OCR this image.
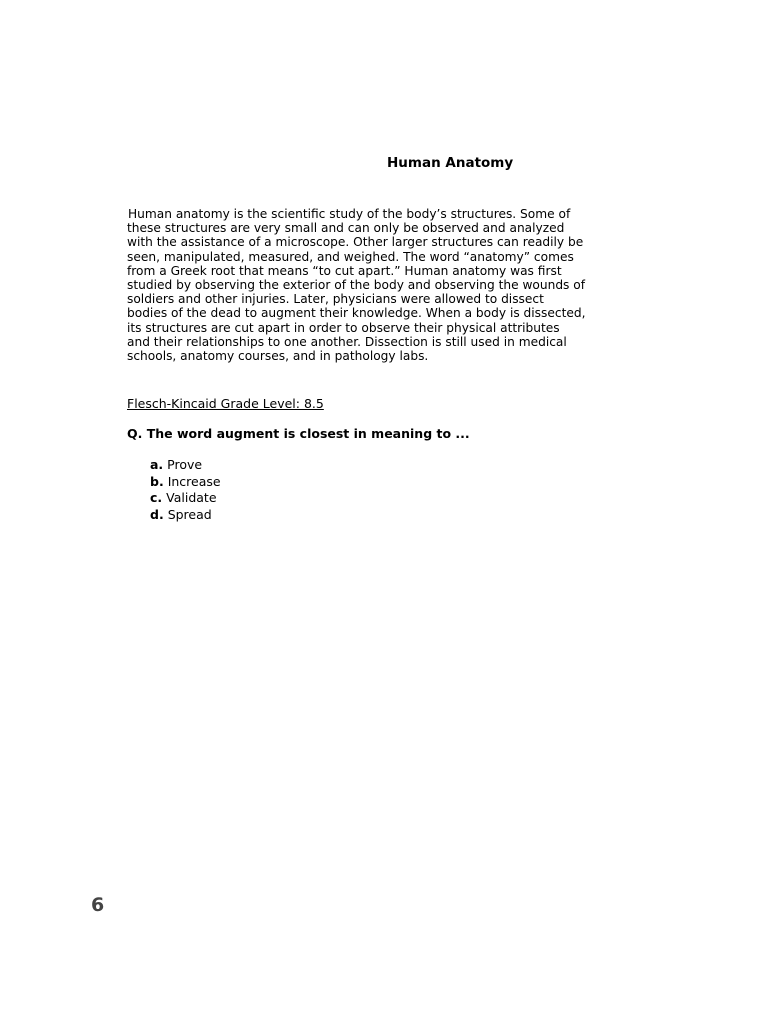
Human Anatomy
Human anatomy is the scientific study of the body’s structures. Some of
these structures are very small and can only be observed and analyzed
with the assistance of a microscope. Other larger structures can readily be
seen, manipulated, measured, and weighed. The word “anatomy” comes
from a Greek root that means “to cut apart.” Human anatomy was first
studied by observing the exterior of the body and observing the wounds of
soldiers and other injuries. Later, physicians were allowed to dissect
bodies of the dead to augment their knowledge. When a body is dissected,
its structures are cut apart in order to observe their physical attributes
and their relationships to one another. Dissection is still used in medical
schools, anatomy courses, and in pathology labs.
Flesch-Kincaid Grade Level: 8.5
Q. The word augment is closest in meaning to ...
a. Prove
b. Increase
c. Validate
d. Spread
6
